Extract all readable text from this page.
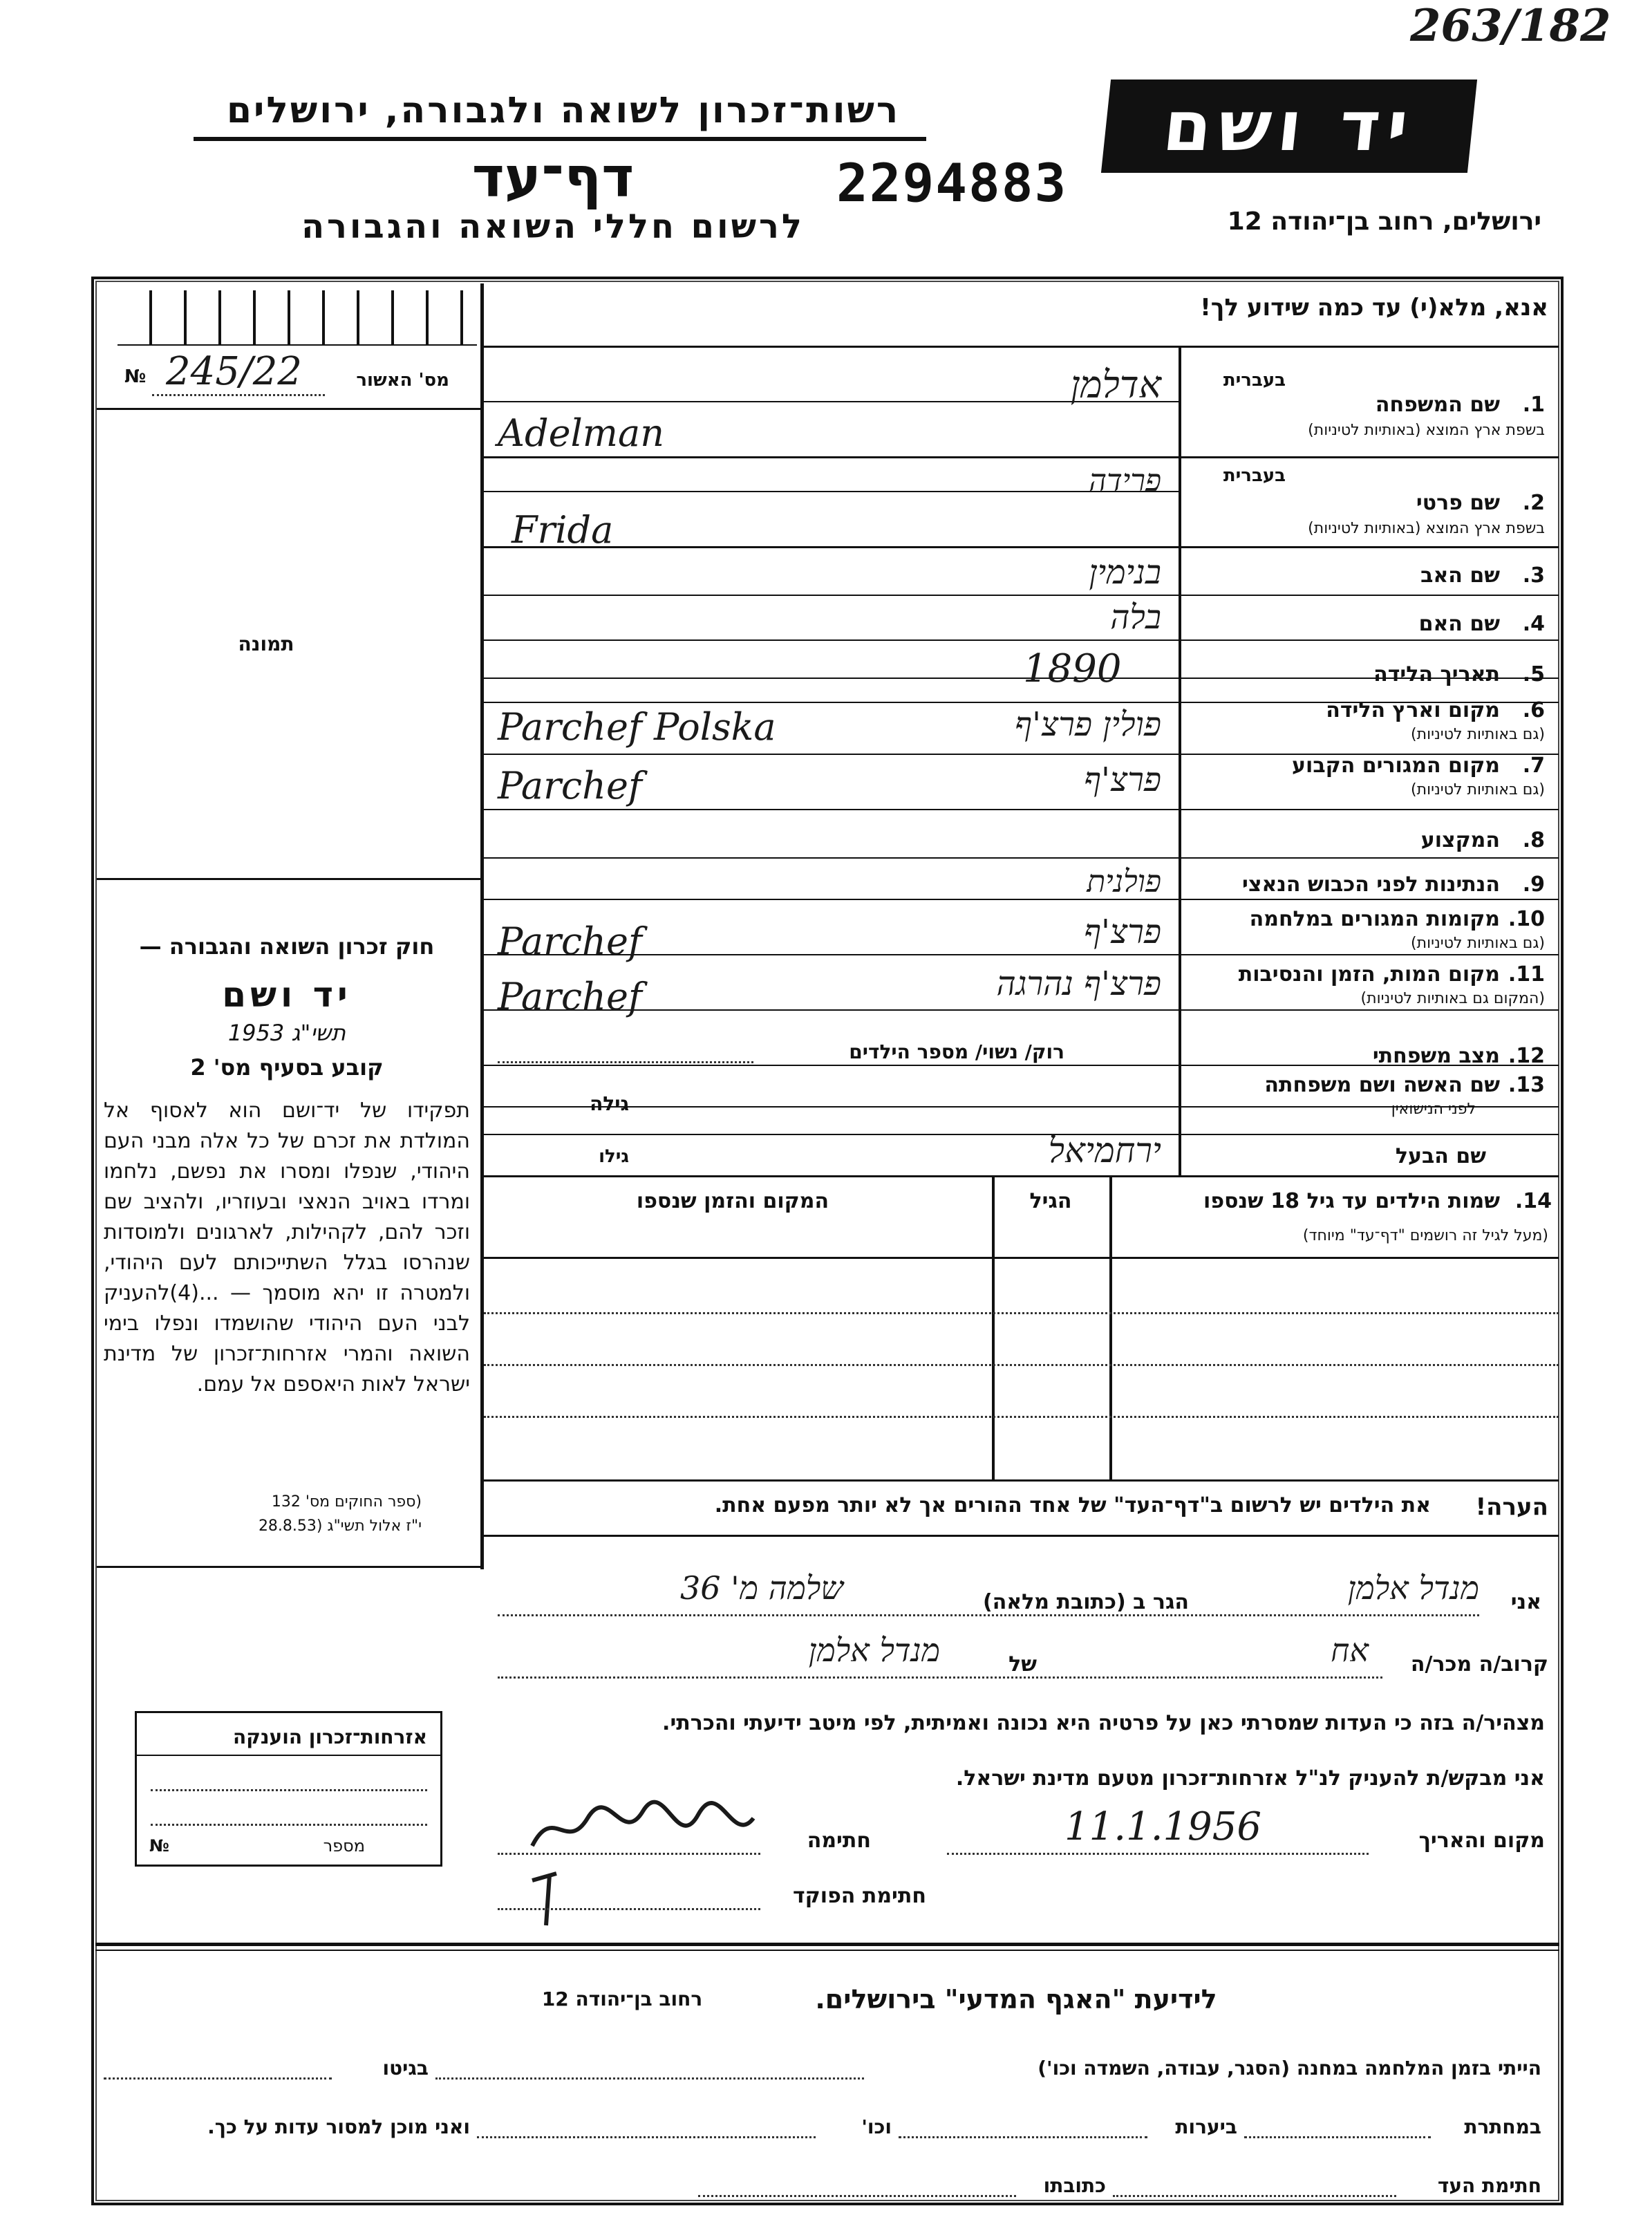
263/182
רשות־זכרון לשואה ולגבורה, ירושלים	יד ושם
דף־עד	2294883
לרשום חללי השואה והגבורה	ירושלים, רחוב בן־יהודה 12
אנא, מלא(י) עד כמה שידוע לך!
מס' האשור
№ 245/22
תמונה
בעברית
שם המשפחה	1.
בשפת ארץ המוצא (באותיות לטיניות)
אדלמן
Adelman
בעברית
שם פרטי	2.
בשפת ארץ המוצא (באותיות לטיניות)
פרידה
Frida
שם האב	3.
בנימין
שם האם	4.
בלה
תאריך הלידה	5.
1890
מקום וארץ הלידה	6.
(גם באותיות לטיניות)
פולין פרצ'ף
Parchef Polska
מקום המגורים הקבוע	7.
(גם באותיות לטיניות)
פרצ'ף
Parchef
המקצוע	8.
הנתינות לפני הכבוש הנאצי	9.
פולנית
מקומות המגורים במלחמה 10.
(גם באותיות לטיניות)
פרצ'ף
Parchef
מקום המות, הזמן והנסיבות 11.
(המקום גם באותיות לטיניות)
פרצ'ף נהרגה
Parchef
מצב משפחתי 12.
רוק/ נשוי/ מספר הילדים
שם האשה ושם משפחתה 13.
לפני הנישואין
גילה
שם הבעל
גילו	ירחמיאל
שמות הילדים עד גיל 18 שנספו 14.
(מעל לגיל זה רושמים "דף־עד" מיוחד)
הגיל
המקום והזמן שנספו
הערה!
את הילדים יש לרשום ב"דף־העד" של אחד ההורים אך לא יותר מפעם אחת.
חוק זכרון השואה והגבורה —
יד ושם
תשי"ג 1953
קובע בסעיף מס' 2
תפקידו של יד־ושם הוא לאסוף אל המולדת את זכרם של כל אלה מבני העם היהודי, שנפלו ומסרו את נפשם, נלחמו ומרדו באויב הנאצי ובעוזריו, ולהציב שם וזכר להם, לקהילות, לארגונים ולמוסדות שנהרסו בגלל השתייכותם לעם היהודי, ולמטרה זו יהא מוסמך — ...(4)להעניק לבני העם היהודי שהושמדו ונפלו בימי השואה והמרי אזרחות־זכרון של מדינת ישראל לאות היאספם אל עמם.
(ספר החוקים מס' 132
י"ז אלול תשי"ג (28.8.53
אזרחות־זכרון הוענקה
מספר
№
אני
מנדל אלמן
הגר ב (כתובת מלאה)
שלמה מ' 36
קרוב/ה מכר/ה
אח
של
מנדל אלמן
מצהיר/ה בזה כי העדות שמסרתי כאן על פרטיה היא נכונה ואמיתית, לפי מיטב ידיעתי והכרתי.
אני מבקש/ת להעניק לנ"ל אזרחות־זכרון מטעם מדינת ישראל.
מקום והאריך
11.1.1956
חתימה
חתימת הפוקד
לידיעת "האגף המדעי" בירושלים.
רחוב בן־יהודה 12
הייתי בזמן המלחמה במחנה (הסגר, עבודה, השמדה וכו')
בגיטו
במחתרת
ביערות
וכו'
ואני מוכן למסור עדות על כך.
חתימת העד
כתובתו
